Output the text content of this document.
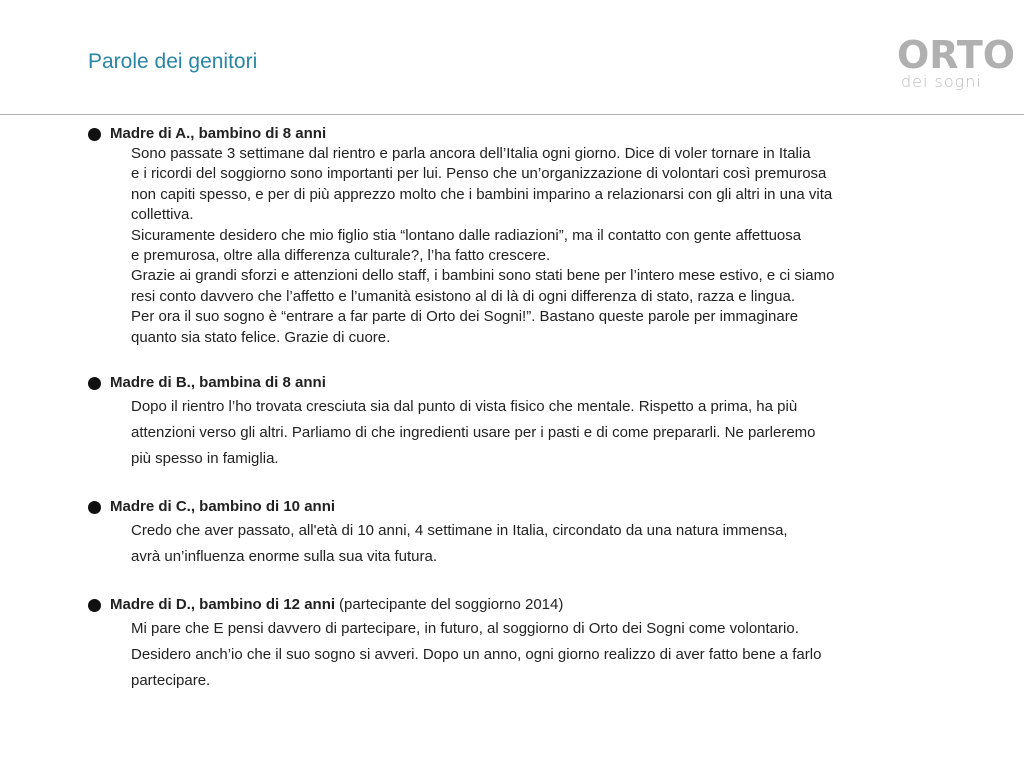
Parole dei genitori	ORTO
dei sogni
Madre di A., bambino di 8 anni

Sono passate 3 settimane dal rientro e parla ancora dell’Italia ogni giorno. Dice di voler tornare in Italia

e i ricordi del soggiorno sono importanti per lui. Penso che un’organizzazione di volontari così premurosa

non capiti spesso, e per di più apprezzo molto che i bambini imparino a relazionarsi con gli altri in una vita

collettiva.

Sicuramente desidero che mio figlio stia “lontano dalle radiazioni”, ma il contatto con gente affettuosa

e premurosa, oltre alla differenza culturale?, l’ha fatto crescere.

Grazie ai grandi sforzi e attenzioni dello staff, i bambini sono stati bene per l’intero mese estivo, e ci siamo

resi conto davvero che l’affetto e l’umanità esistono al di là di ogni differenza di stato, razza e lingua.

Per ora il suo sogno è “entrare a far parte di Orto dei Sogni!”. Bastano queste parole per immaginare

quanto sia stato felice. Grazie di cuore.

Madre di B., bambina di 8 anni

Dopo il rientro l’ho trovata cresciuta sia dal punto di vista fisico che mentale. Rispetto a prima, ha più

attenzioni verso gli altri. Parliamo di che ingredienti usare per i pasti e di come prepararli. Ne parleremo

più spesso in famiglia.

Madre di C., bambino di 10 anni

Credo che aver passato, all'età di 10 anni, 4 settimane in Italia, circondato da una natura immensa,

avrà un’influenza enorme sulla sua vita futura.

Madre di D., bambino di 12 anni (partecipante del soggiorno 2014)

Mi pare che E pensi davvero di partecipare, in futuro, al soggiorno di Orto dei Sogni come volontario.

Desidero anch’io che il suo sogno si avveri. Dopo un anno, ogni giorno realizzo di aver fatto bene a farlo

partecipare.
